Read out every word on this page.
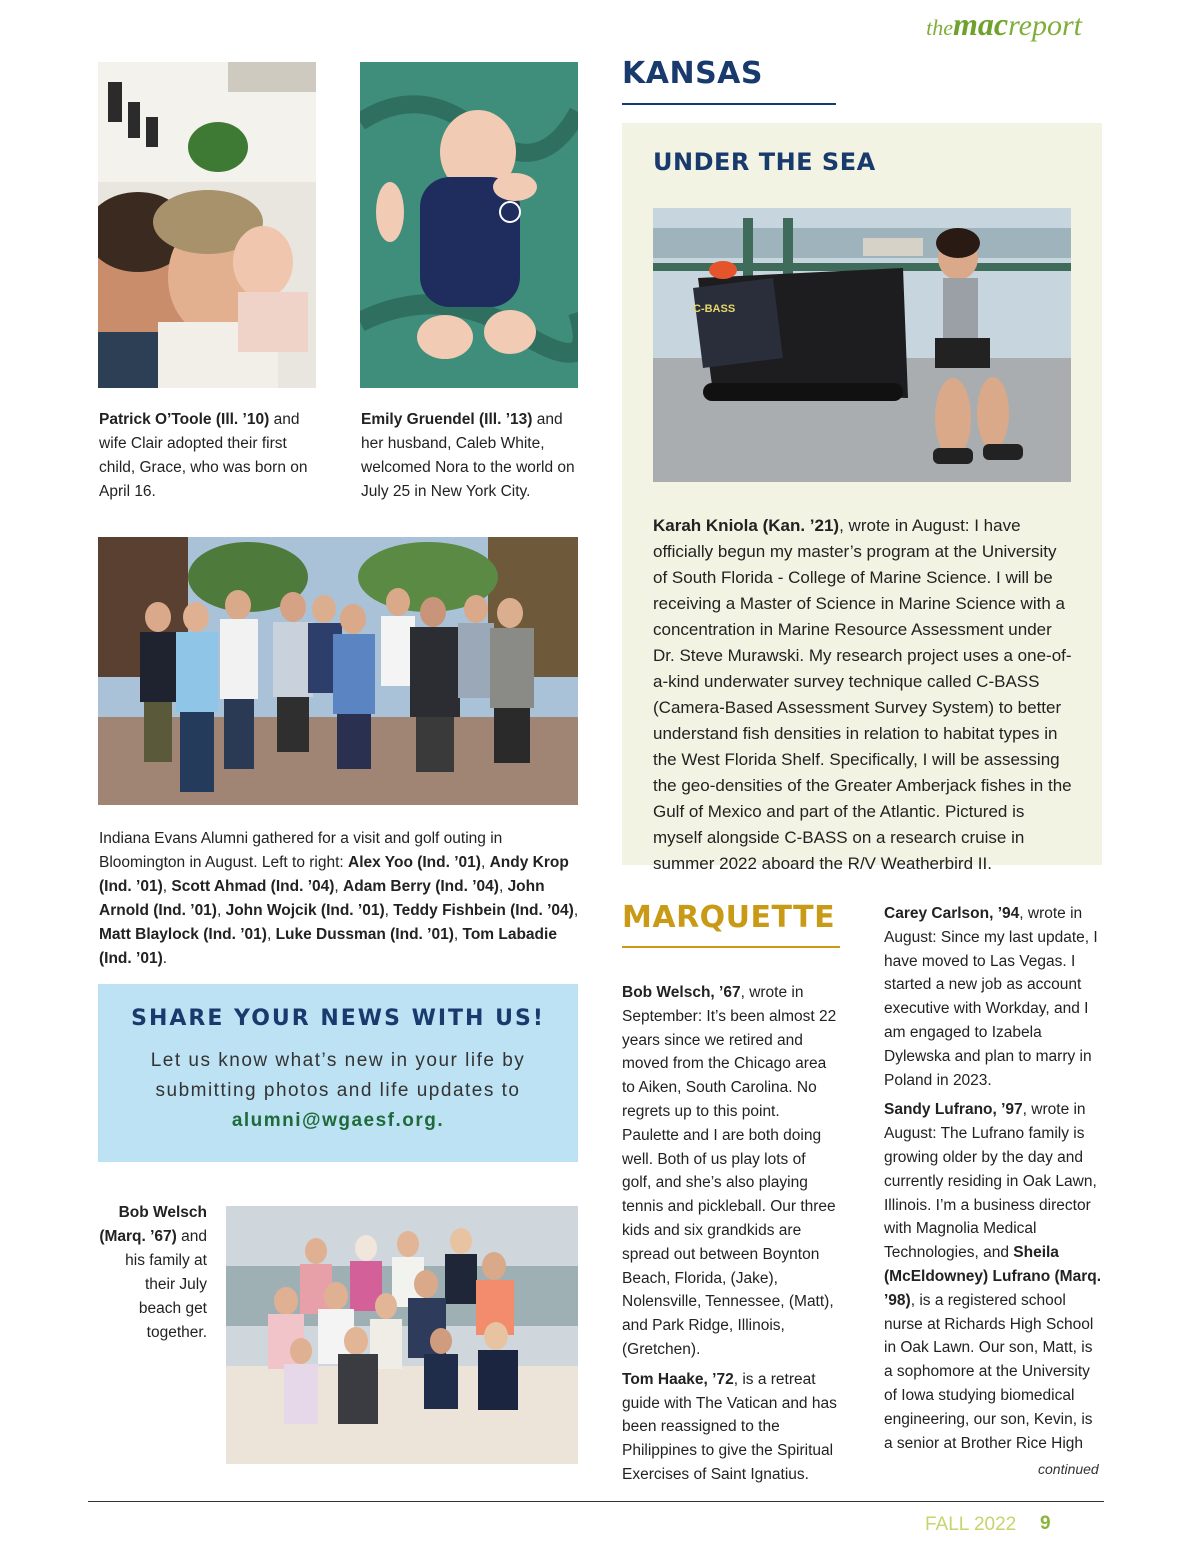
themacreport
Patrick O’Toole (Ill. ’10) and wife Clair adopted their first child, Grace, who was born on April 16.
Emily Gruendel (Ill. ’13) and her husband, Caleb White, welcomed Nora to the world on July 25 in New York City.
Indiana Evans Alumni gathered for a visit and golf outing in Bloomington in August. Left to right: Alex Yoo (Ind. ’01), Andy Krop (Ind. ’01), Scott Ahmad (Ind. ’04), Adam Berry (Ind. ’04), John Arnold (Ind. ’01), John Wojcik (Ind. ’01), Teddy Fishbein (Ind. ’04), Matt Blaylock (Ind. ’01), Luke Dussman (Ind. ’01), Tom Labadie (Ind. ’01).
SHARE YOUR NEWS WITH US!
Let us know what’s new in your life by submitting photos and life updates to
alumni@wgaesf.org.
Bob Welsch
(Marq. ’67) and his family at their July beach get together.
KANSAS
UNDER THE SEA
C-BASS
Karah Kniola (Kan. ’21), wrote in August: I have officially begun my master’s program at the University of South Florida - College of Marine Science. I will be receiving a Master of Science in Marine Science with a concentration in Marine Resource Assessment under Dr. Steve Murawski. My research project uses a one-of-a-kind underwater survey technique called C-BASS (Camera-Based Assessment Survey System) to better understand fish densities in relation to habitat types in the West Florida Shelf. Specifically, I will be assessing the geo-densities of the Greater Amberjack fishes in the Gulf of Mexico and part of the Atlantic. Pictured is myself alongside C-BASS on a research cruise in summer 2022 aboard the R/V Weatherbird II.
MARQUETTE
Bob Welsch, ’67, wrote in September: It’s been almost 22 years since we retired and moved from the Chicago area to Aiken, South Carolina. No regrets up to this point. Paulette and I are both doing well. Both of us play lots of golf, and she’s also playing tennis and pickleball. Our three kids and six grandkids are spread out between Boynton Beach, Florida, (Jake), Nolensville, Tennessee, (Matt), and Park Ridge, Illinois, (Gretchen).
Tom Haake, ’72, is a retreat guide with The Vatican and has been reassigned to the Philippines to give the Spiritual Exercises of Saint Ignatius.
Carey Carlson, ’94, wrote in August: Since my last update, I have moved to Las Vegas. I started a new job as account executive with Workday, and I am engaged to Izabela Dylewska and plan to marry in Poland in 2023.
Sandy Lufrano, ’97, wrote in August: The Lufrano family is growing older by the day and currently residing in Oak Lawn, Illinois. I’m a business director with Magnolia Medical Technologies, and Sheila (McEldowney) Lufrano (Marq. ’98), is a registered school nurse at Richards High School in Oak Lawn. Our son, Matt, is a sophomore at the University of Iowa studying biomedical engineering, our son, Kevin, is a senior at Brother Rice High
continued
FALL 2022 9
